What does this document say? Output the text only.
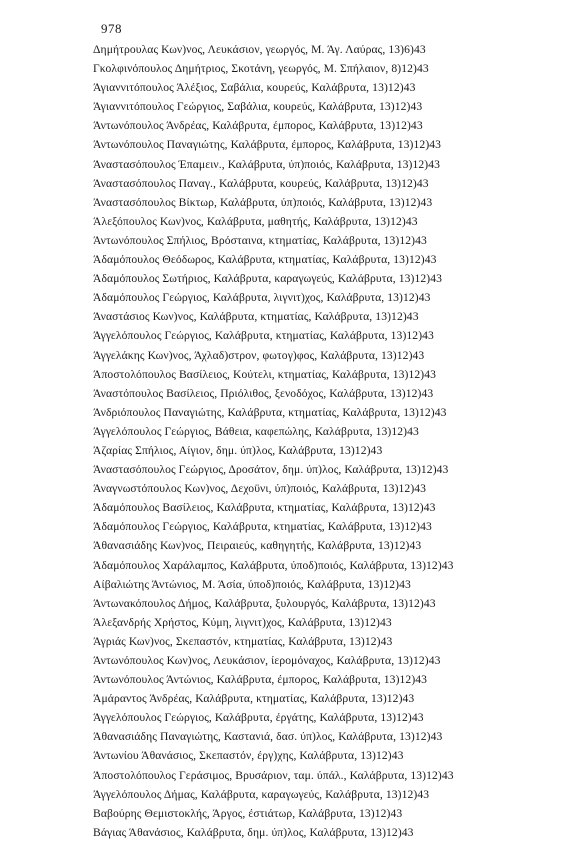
978
Δημήτρουλας Κων)νος, Λευκάσιον, γεωργός, Μ. Άγ. Λαύρας, 13)6)43
Γκολφινόπουλος Δημήτριος, Σκοτάνη, γεωργός, Μ. Σπήλαιον, 8)12)43
Άγιαννιτόπουλος Άλέξιος, Σαβάλια, κουρεύς, Καλάβρυτα, 13)12)43
Άγιαννιτόπουλος Γεώργιος, Σαβάλια, κουρεύς, Καλάβρυτα, 13)12)43
Άντωνόπουλος Άνδρέας, Καλάβρυτα, έμπορος, Καλάβρυτα, 13)12)43
Άντωνόπουλος Παναγιώτης, Καλάβρυτα, έμπορος, Καλάβρυτα, 13)12)43
Άναστασόπουλος Έπαμειν., Καλάβρυτα, ύπ)ποιός, Καλάβρυτα, 13)12)43
Άναστασόπουλος Παναγ., Καλάβρυτα, κουρεύς, Καλάβρυτα, 13)12)43
Άναστασόπουλος Βίκτωρ, Καλάβρυτα, ύπ)ποιός, Καλάβρυτα, 13)12)43
Άλεξόπουλος Κων)νος, Καλάβρυτα, μαθητής, Καλάβρυτα, 13)12)43
Άντωνόπουλος Σπήλιος, Βρόσταινα, κτηματίας, Καλάβρυτα, 13)12)43
Άδαμόπουλος Θεόδωρος, Καλάβρυτα, κτηματίας, Καλάβρυτα, 13)12)43
Άδαμόπουλος Σωτήριος, Καλάβρυτα, καραγωγεύς, Καλάβρυτα, 13)12)43
Άδαμόπουλος Γεώργιος, Καλάβρυτα, λιγνιτ)χος, Καλάβρυτα, 13)12)43
Άναστάσιος Κων)νος, Καλάβρυτα, κτηματίας, Καλάβρυτα, 13)12)43
Άγγελόπουλος Γεώργιος, Καλάβρυτα, κτηματίας, Καλάβρυτα, 13)12)43
Άγγελάκης Κων)νος, Άχλαδ)στρον, φωτογ)φος, Καλάβρυτα, 13)12)43
Άποστολόπουλος Βασίλειος, Κούτελι, κτηματίας, Καλάβρυτα, 13)12)43
Άναστόπουλος Βασίλειος, Πριόλιθος, ξενοδόχος, Καλάβρυτα, 13)12)43
Άνδριόπουλος Παναγιώτης, Καλάβρυτα, κτηματίας, Καλάβρυτα, 13)12)43
Άγγελόπουλος Γεώργιος, Βάθεια, καφεπώλης, Καλάβρυτα, 13)12)43
Άζαρίας Σπήλιος, Αίγιον, δημ. ύπ)λος, Καλάβρυτα, 13)12)43
Άναστασόπουλος Γεώργιος, Δροσάτον, δημ. ύπ)λος, Καλάβρυτα, 13)12)43
Άναγνωστόπουλος Κων)νος, Δεχοϋνι, ύπ)ποιός, Καλάβρυτα, 13)12)43
Άδαμόπουλος Βασίλειος, Καλάβρυτα, κτηματίας, Καλάβρυτα, 13)12)43
Άδαμόπουλος Γεώργιος, Καλάβρυτα, κτηματίας, Καλάβρυτα, 13)12)43
Άθανασιάδης Κων)νος, Πειραιεύς, καθηγητής, Καλάβρυτα, 13)12)43
Άδαμόπουλος Χαράλαμπος, Καλάβρυτα, ύποδ)ποιός, Καλάβρυτα, 13)12)43
Αίβαλιώτης Άντώνιος, Μ. Άσία, ύποδ)ποιός, Καλάβρυτα, 13)12)43
Άντωνακόπουλος Δήμος, Καλάβρυτα, ξυλουργός, Καλάβρυτα, 13)12)43
Άλεξανδρής Χρήστος, Κύμη, λιγνιτ)χος, Καλάβρυτα, 13)12)43
Άγριάς Κων)νος, Σκεπαστόν, κτηματίας, Καλάβρυτα, 13)12)43
Άντωνόπουλος Κων)νος, Λευκάσιον, ίερομόναχος, Καλάβρυτα, 13)12)43
Άντωνόπουλος Άντώνιος, Καλάβρυτα, έμπορος, Καλάβρυτα, 13)12)43
Άμάραντος Άνδρέας, Καλάβρυτα, κτηματίας, Καλάβρυτα, 13)12)43
Άγγελόπουλος Γεώργιος, Καλάβρυτα, έργάτης, Καλάβρυτα, 13)12)43
Άθανασιάδης Παναγιώτης, Καστανιά, δασ. ύπ)λος, Καλάβρυτα, 13)12)43
Άντωνίου Άθανάσιος, Σκεπαστόν, έργ)χης, Καλάβρυτα, 13)12)43
Άποστολόπουλος Γεράσιμος, Βρυσάριον, ταμ. ύπάλ., Καλάβρυτα, 13)12)43
Άγγελόπουλος Δήμας, Καλάβρυτα, καραγωγεύς, Καλάβρυτα, 13)12)43
Βαβούρης Θεμιστοκλής, Άργος, έστιάτωρ, Καλάβρυτα, 13)12)43
Βάγιας Άθανάσιος, Καλάβρυτα, δημ. ύπ)λος, Καλάβρυτα, 13)12)43
